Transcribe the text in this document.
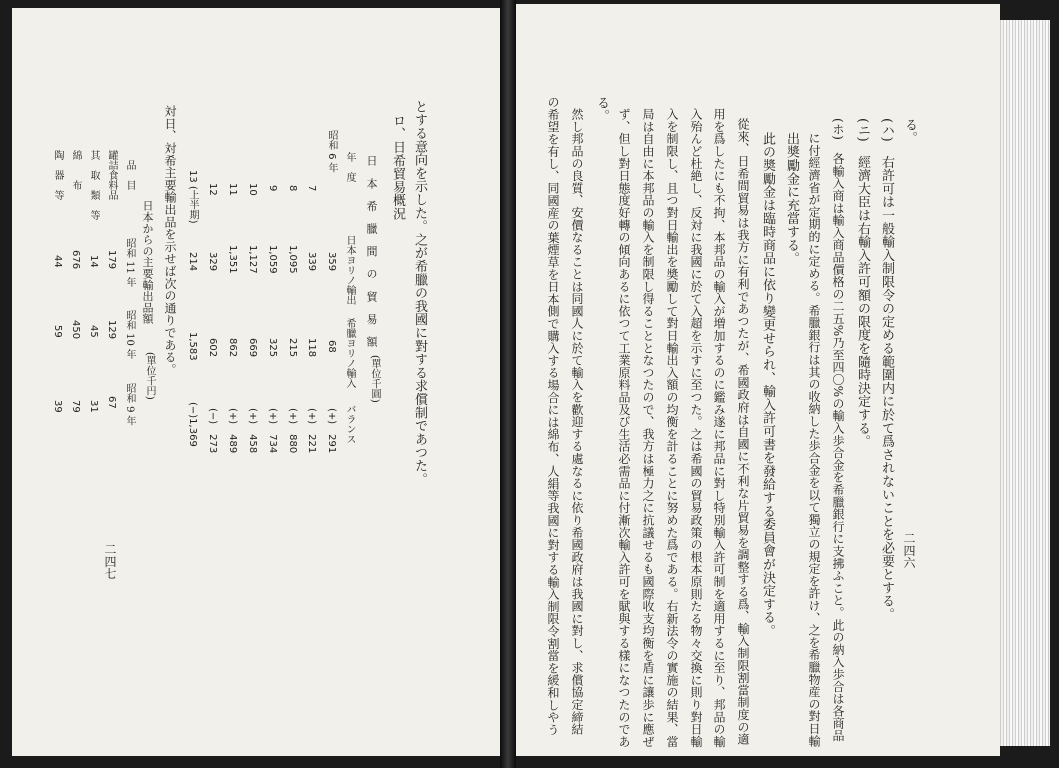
二四六
る。
(ハ)　右許可は一般輸入制限令の定める範圍内に於て爲されないことを必要とする。
(ニ)　經濟大臣は右輸入許可額の限度を隨時決定する。
(ホ)　各輸入商は輸入商品價格の二五%乃至四〇%の輸入歩合金を希臘銀行に支拂ふこと。此の納入歩合は各商品
に付經濟省が定期的に定める。希臘銀行は其の收納した歩合金を以て獨立の規定を許け、之を希臘物産の對日輸
出奬勵金に充當する。
此の奬勵金は臨時商品に依り變更せられ、輸入許可書を發給する委員會が決定する。
從來、日希間貿易は我方に有利であつたが、希國政府は自國に不利な片貿易を調整する爲、輸入制限割當制度の適
用を爲したにも不拘、本邦品の輸入が増加するのに鑑み遂に邦品に對し特別輸入許可制を適用するに至り、邦品の輸
入殆んど杜絶し、反対に我國に於て入超を示すに至つた。之は希國の貿易政策の根本原則たる物々交換に則り對日輸
入を制限し、且つ對日輸出を奬勵して對日輸出入額の均衡を計ることに努めた爲である。右新法令の實施の結果、當
局は自由に本邦品の輸入を制限し得ることとなつたので、我方は極力之に抗議せるも國際收支均衡を盾に讓歩に應ぜ
ず、但し對日態度好轉の傾向あるに依つて工業原料品及び生活必需品に付漸次輸入許可を賦與する樣になつたのであ
る。
然し邦品の良質、安價なることは同國人に於て輸入を歡迎する處なるに依り希國政府は我國に對し、求償協定締結
の希望を有し、同國産の葉煙草を日本側で購入する場合には綿布、人絹等我國に對する輸入制限令割當を緩和しやう
二四七
とする意向を示した。之が希臘の我國に對する求償制であつた。
ロ、日希貿易概況
日　本　希　臘　間　の　貿　易　額
(單位千圓)
年　度
日本ヨリノ輸出
希臘ヨリノ輸入
バランス
昭和 6 年
359
68
(+)　291
7
339
118
(+)　221
8
1,095
215
(+)　880
9
1,059
325
(+)　734
10
1,127
669
(+)　458
11
1,351
862
(+)　489
12
329
602
(−)　273
13 (上半期)
214
1,583
(−)1,369
対日、対希主要輸出品を示せば次の通りである。
日本からの主要輸出品額
(單位千円)
品　目
昭和 11 年
昭和 10 年
昭和 9 年
罐詰食料品
179
129
67
其　取　類　等
14
45
31
綿　　布
676
450
79
陶　器　等
44
59
39
